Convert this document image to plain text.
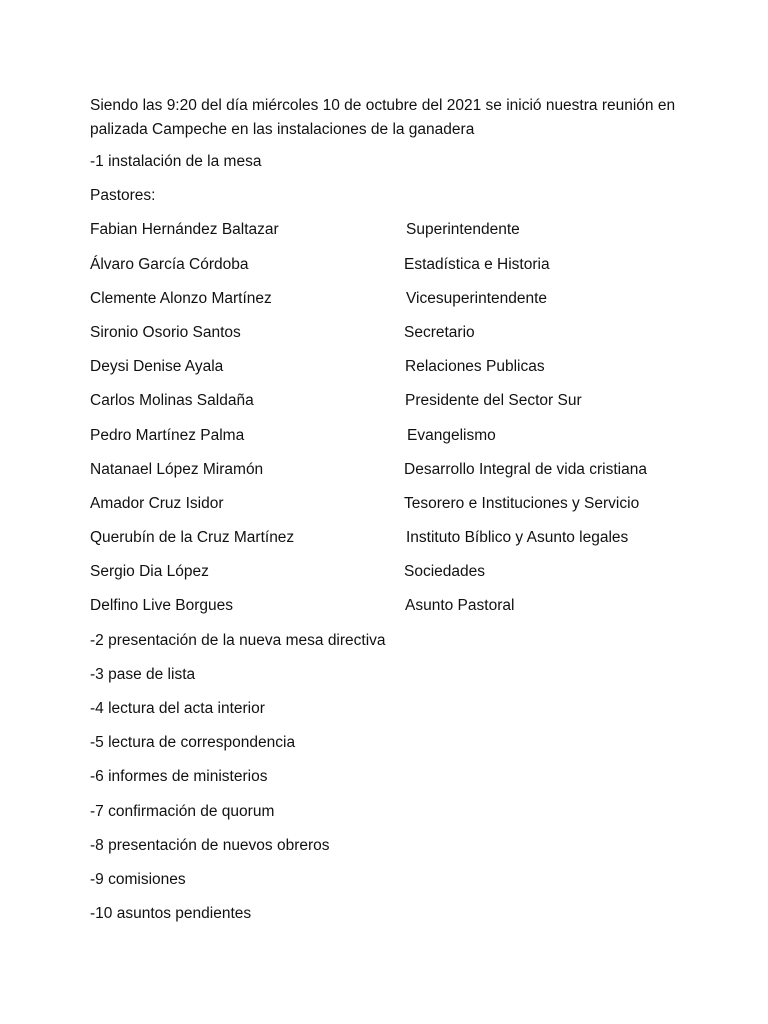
Siendo las 9:20 del día miércoles 10 de octubre del 2021 se inició nuestra reunión en palizada Campeche en las instalaciones de la ganadera

-1 instalación de la mesa
Pastores:
Fabian Hernández Baltazar	Superintendente
Álvaro García Córdoba	Estadística e Historia
Clemente Alonzo Martínez	Vicesuperintendente
Sironio Osorio Santos	Secretario
Deysi Denise Ayala	Relaciones Publicas
Carlos Molinas Saldaña	Presidente del Sector Sur
Pedro Martínez Palma	Evangelismo
Natanael López Miramón	Desarrollo Integral de vida cristiana
Amador Cruz Isidor	Tesorero e Instituciones y Servicio
Querubín de la Cruz Martínez	Instituto Bíblico y Asunto legales
Sergio Dia López	Sociedades
Delfino Live Borgues	Asunto Pastoral
-2 presentación de la nueva mesa directiva
-3 pase de lista
-4 lectura del acta interior
-5 lectura de correspondencia
-6 informes de ministerios
-7 confirmación de quorum
-8 presentación de nuevos obreros
-9 comisiones
-10 asuntos pendientes
